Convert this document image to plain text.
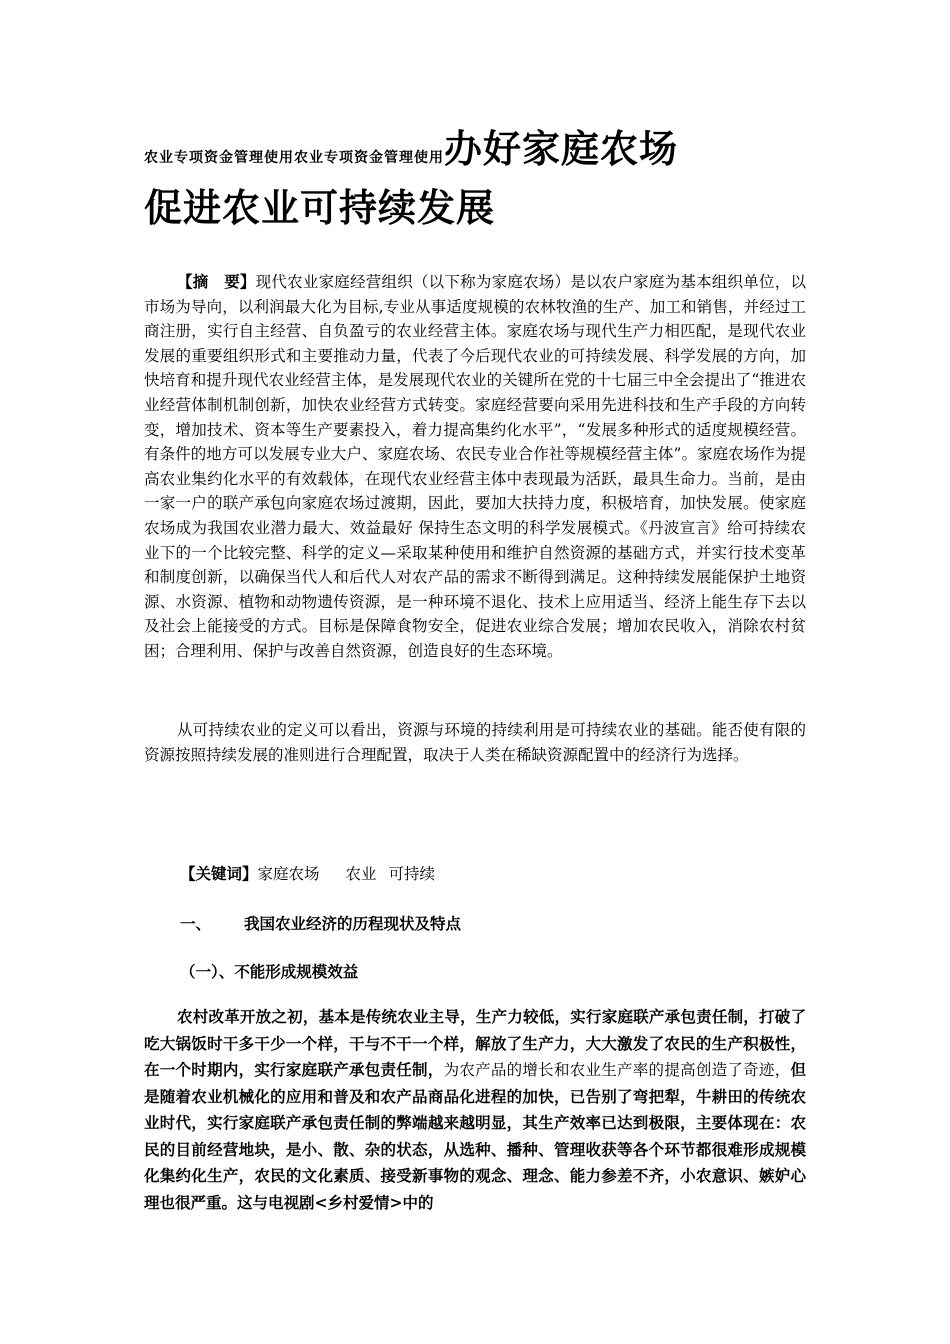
农业专项资金管理使用农业专项资金管理使用办好家庭农场
促进农业可持续发展

【摘　要】现代农业家庭经营组织（以下称为家庭农场）是以农户家庭为基本组织单位，以市场为导向，以利润最大化为目标,专业从事适度规模的农林牧渔的生产、加工和销售，并经过工商注册，实行自主经营、自负盈亏的农业经营主体。家庭农场与现代生产力相匹配，是现代农业发展的重要组织形式和主要推动力量，代表了今后现代农业的可持续发展、科学发展的方向，加快培育和提升现代农业经营主体，是发展现代农业的关键所在党的十七届三中全会提出了“推进农业经营体制机制创新，加快农业经营方式转变。家庭经营要向采用先进科技和生产手段的方向转变，增加技术、资本等生产要素投入，着力提高集约化水平”，“发展多种形式的适度规模经营。有条件的地方可以发展专业大户、家庭农场、农民专业合作社等规模经营主体”。家庭农场作为提高农业集约化水平的有效载体，在现代农业经营主体中表现最为活跃，最具生命力。当前，是由一家一户的联产承包向家庭农场过渡期，因此，要加大扶持力度，积极培育，加快发展。使家庭农场成为我国农业潜力最大、效益最好 保持生态文明的科学发展模式。《丹波宣言》给可持续农业下的一个比较完整、科学的定义—采取某种使用和维护自然资源的基础方式，并实行技术变革和制度创新，以确保当代人和后代人对农产品的需求不断得到满足。这种持续发展能保护土地资源、水资源、植物和动物遗传资源，是一种环境不退化、技术上应用适当、经济上能生存下去以及社会上能接受的方式。目标是保障食物安全，促进农业综合发展；增加农民收入，消除农村贫困；合理利用、保护与改善自然资源，创造良好的生态环境。

从可持续农业的定义可以看出，资源与环境的持续利用是可持续农业的基础。能否使有限的资源按照持续发展的准则进行合理配置，取决于人类在稀缺资源配置中的经济行为选择。

【关键词】家庭农场 农业 可持续
一、 我国农业经济的历程现状及特点
（一）、不能形成规模效益

农村改革开放之初，基本是传统农业主导，生产力较低，实行家庭联产承包责任制，打破了吃大锅饭时干多干少一个样，干与不干一个样，解放了生产力，大大激发了农民的生产积极性，在一个时期内，实行家庭联产承包责任制，为农产品的增长和农业生产率的提高创造了奇迹，但是随着农业机械化的应用和普及和农产品商品化进程的加快，已告别了弯把犁，牛耕田的传统农业时代，实行家庭联产承包责任制的弊端越来越明显，其生产效率已达到极限，主要体现在：农民的目前经营地块，是小、散、杂的状态，从选种、播种、管理收获等各个环节都很难形成规模化集约化生产，农民的文化素质、接受新事物的观念、理念、能力参差不齐，小农意识、嫉妒心理也很严重。这与电视剧<乡村爱情>中的
